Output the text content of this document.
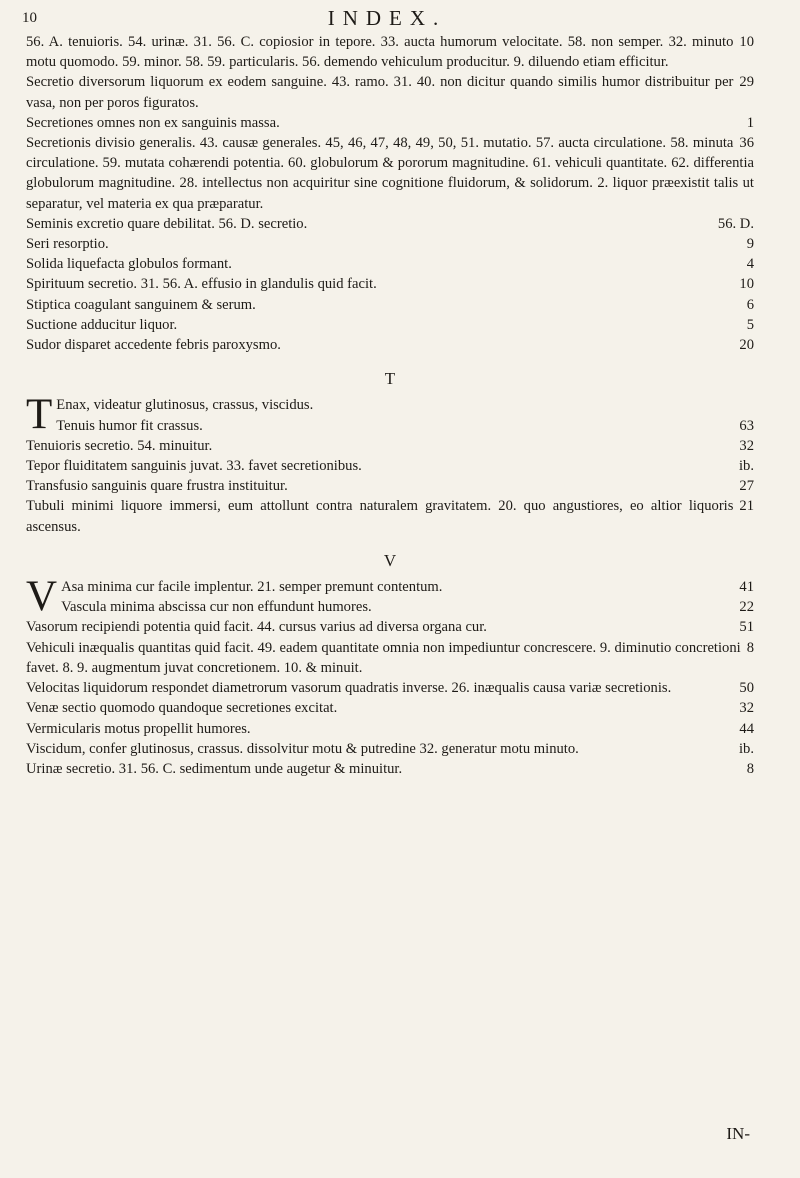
10	INDEX.
10
56. A. tenuioris. 54. urinæ. 31. 56. C. copiosior in tepore. 33. aucta humorum velocitate. 58. non semper. 32. minuto motu quomodo. 59. minor. 58. 59. particularis. 56. demendo vehiculum producitur. 9. diluendo etiam efficitur.
29
Secretio diversorum liquorum ex eodem sanguine. 43. ramo. 31. 40. non dicitur quando similis humor distribuitur per vasa, non per poros figuratos.
1
Secretiones omnes non ex sanguinis massa.
36
Secretionis divisio generalis. 43. causæ generales. 45, 46, 47, 48, 49, 50, 51. mutatio. 57. aucta circulatione. 58. minuta circulatione. 59. mutata cohærendi potentia. 60. globulorum & pororum magnitudine. 61. vehiculi quantitate. 62. differentia globulorum magnitudine. 28. intellectus non acquiritur sine cognitione fluidorum, & solidorum. 2. liquor præexistit talis ut separatur, vel materia ex qua præparatur.
56. D.
Seminis excretio quare debilitat. 56. D. secretio.
9
Seri resorptio.
4
Solida liquefacta globulos formant.
10
Spirituum secretio. 31. 56. A. effusio in glandulis quid facit.
6
Stiptica coagulant sanguinem & serum.
5
Suctione adducitur liquor.
20
Sudor disparet accedente febris paroxysmo.
T
T Enax, videatur glutinosus, crassus, viscidus.
63
Tenuis humor fit crassus.
32
Tenuioris secretio. 54. minuitur.
ib.
Tepor fluiditatem sanguinis juvat. 33. favet secretionibus.
27
Transfusio sanguinis quare frustra instituitur.
21
Tubuli minimi liquore immersi, eum attollunt contra naturalem gravitatem. 20. quo angustiores, eo altior liquoris ascensus.
V
V	41
Asa minima cur facile implentur. 21. semper premunt contentum.
22
Vascula minima abscissa cur non effundunt humores.
51
Vasorum recipiendi potentia quid facit. 44. cursus varius ad diversa organa cur.
8
Vehiculi inæqualis quantitas quid facit. 49. eadem quantitate omnia non impediuntur concrescere. 9. diminutio concretioni favet. 8. 9. augmentum juvat concretionem. 10. & minuit.
50
Velocitas liquidorum respondet diametrorum vasorum quadratis inverse. 26. inæqualis causa variæ secretionis.
32
Venæ sectio quomodo quandoque secretiones excitat.
44
Vermicularis motus propellit humores.
ib.
Viscidum, confer glutinosus, crassus. dissolvitur motu & putredine 32. generatur motu minuto.
8
Urinæ secretio. 31. 56. C. sedimentum unde augetur & minuitur.
IN-
